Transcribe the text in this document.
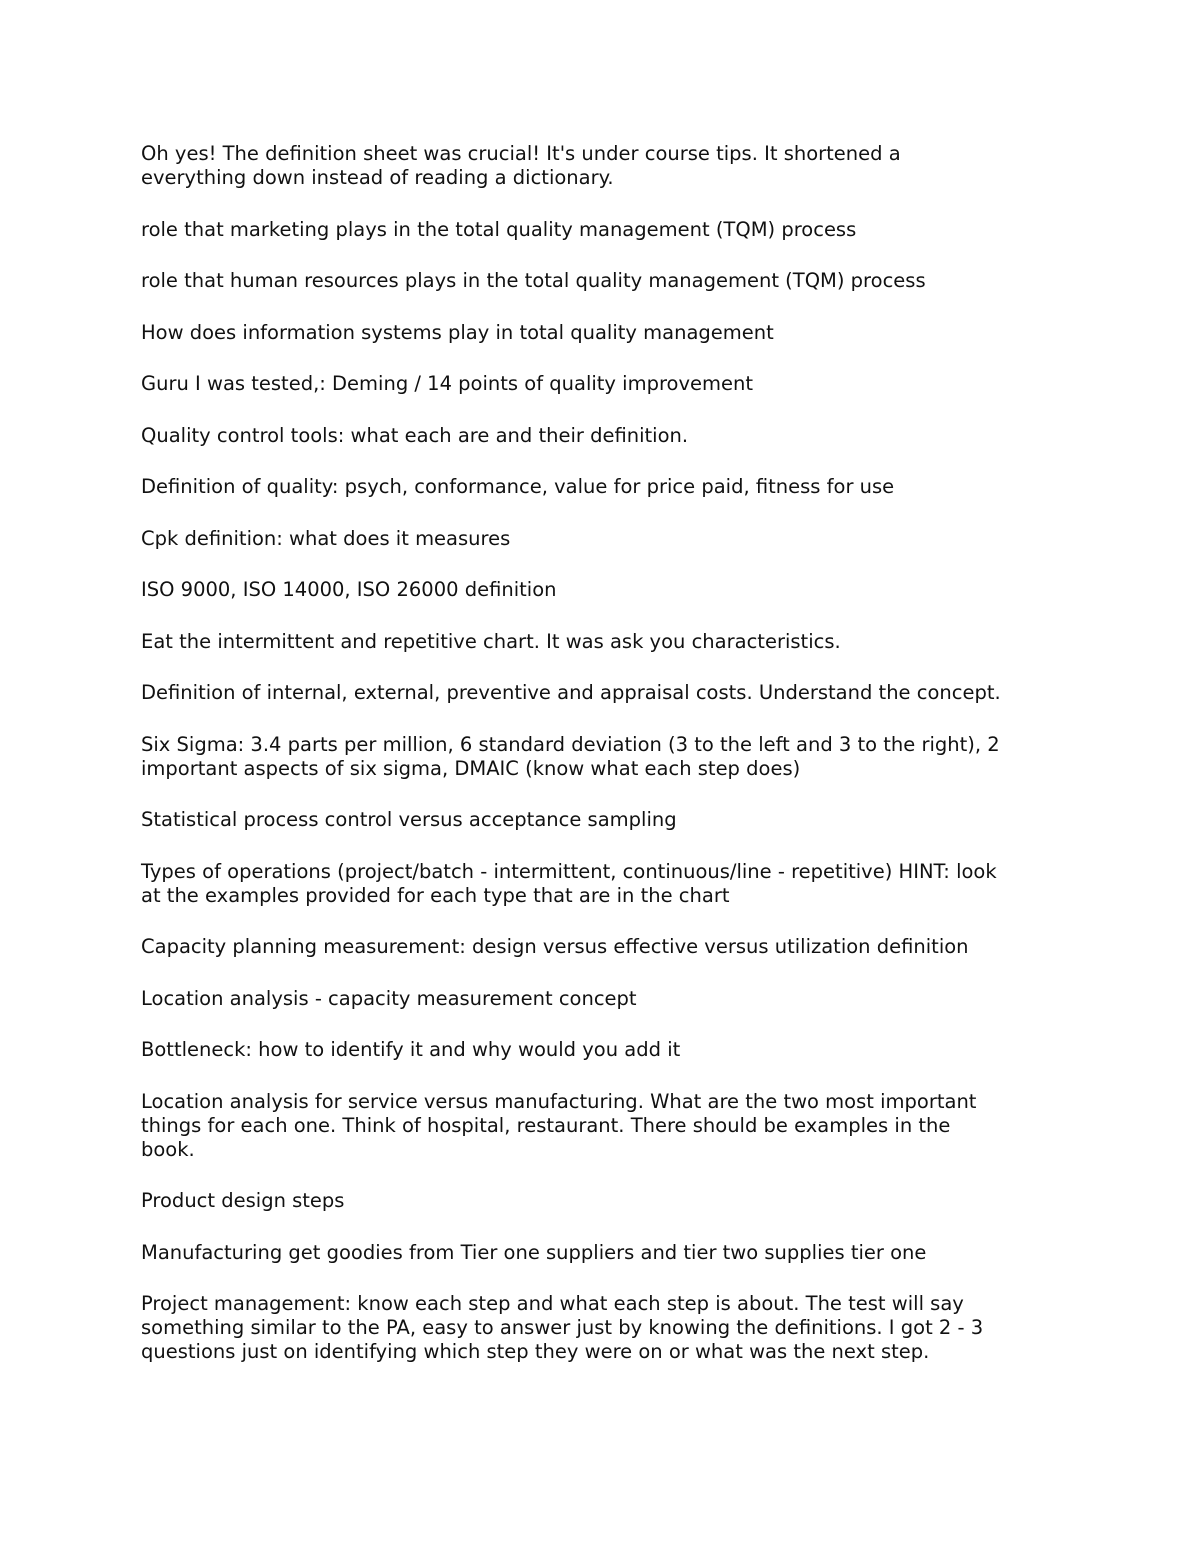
Oh yes! The definition sheet was crucial! It's under course tips. It shortened a
everything down instead of reading a dictionary.

role that marketing plays in the total quality management (TQM) process

role that human resources plays in the total quality management (TQM) process

How does information systems play in total quality management

Guru I was tested,: Deming / 14 points of quality improvement

Quality control tools: what each are and their definition.

Definition of quality: psych, conformance, value for price paid, fitness for use

Cpk definition: what does it measures

ISO 9000, ISO 14000, ISO 26000 definition

Eat the intermittent and repetitive chart. It was ask you characteristics.

Definition of internal, external, preventive and appraisal costs. Understand the concept.

Six Sigma: 3.4 parts per million, 6 standard deviation (3 to the left and 3 to the right), 2
important aspects of six sigma, DMAIC (know what each step does)

Statistical process control versus acceptance sampling

Types of operations (project/batch - intermittent, continuous/line - repetitive) HINT: look
at the examples provided for each type that are in the chart

Capacity planning measurement: design versus effective versus utilization definition

Location analysis - capacity measurement concept

Bottleneck: how to identify it and why would you add it

Location analysis for service versus manufacturing. What are the two most important
things for each one. Think of hospital, restaurant. There should be examples in the
book.

Product design steps

Manufacturing get goodies from Tier one suppliers and tier two supplies tier one

Project management: know each step and what each step is about. The test will say
something similar to the PA, easy to answer just by knowing the definitions. I got 2 - 3
questions just on identifying which step they were on or what was the next step.
